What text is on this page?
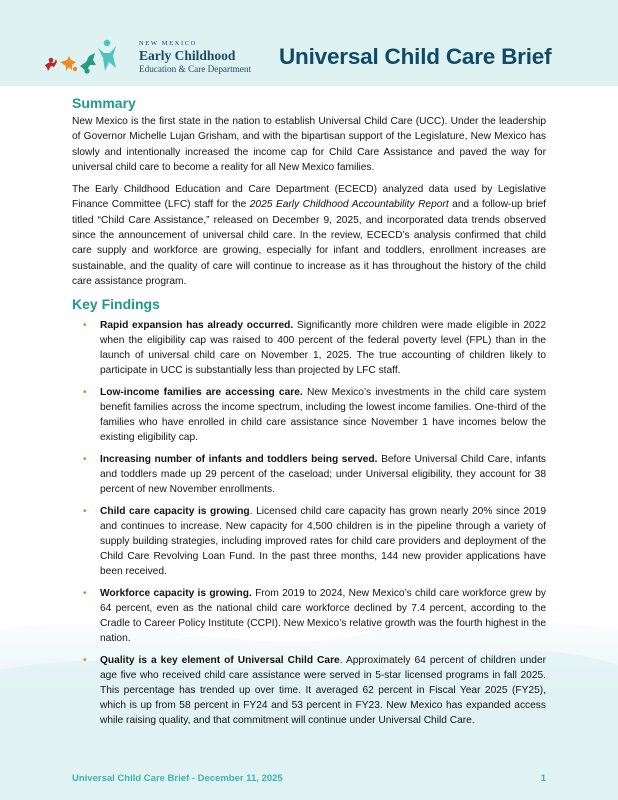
NEW MEXICO
Early Childhood
Education & Care Department Universal Child Care Brief
Summary

New Mexico is the first state in the nation to establish Universal Child Care (UCC). Under the leadership of Governor Michelle Lujan Grisham, and with the bipartisan support of the Legislature, New Mexico has slowly and intentionally increased the income cap for Child Care Assistance and paved the way for universal child care to become a reality for all New Mexico families.

The Early Childhood Education and Care Department (ECECD) analyzed data used by Legislative Finance Committee (LFC) staff for the 2025 Early Childhood Accountability Report and a follow-up brief titled “Child Care Assistance,” released on December 9, 2025, and incorporated data trends observed since the announcement of universal child care. In the review, ECECD’s analysis confirmed that child care supply and workforce are growing, especially for infant and toddlers, enrollment increases are sustainable, and the quality of care will continue to increase as it has throughout the history of the child care assistance program.

Key Findings
• Rapid expansion has already occurred. Significantly more children were made eligible in 2022 when the eligibility cap was raised to 400 percent of the federal poverty level (FPL) than in the launch of universal child care on November 1, 2025. The true accounting of children likely to participate in UCC is substantially less than projected by LFC staff.
• Low-income families are accessing care. New Mexico’s investments in the child care system benefit families across the income spectrum, including the lowest income families. One-third of the families who have enrolled in child care assistance since November 1 have incomes below the existing eligibility cap.
• Increasing number of infants and toddlers being served. Before Universal Child Care, infants and toddlers made up 29 percent of the caseload; under Universal eligibility, they account for 38 percent of new November enrollments.
• Child care capacity is growing. Licensed child care capacity has grown nearly 20% since 2019 and continues to increase. New capacity for 4,500 children is in the pipeline through a variety of supply building strategies, including improved rates for child care providers and deployment of the Child Care Revolving Loan Fund. In the past three months, 144 new provider applications have been received.
• Workforce capacity is growing. From 2019 to 2024, New Mexico’s child care workforce grew by 64 percent, even as the national child care workforce declined by 7.4 percent, according to the Cradle to Career Policy Institute (CCPI). New Mexico’s relative growth was the fourth highest in the nation.
• Quality is a key element of Universal Child Care. Approximately 64 percent of children under age five who received child care assistance were served in 5-star licensed programs in fall 2025. This percentage has trended up over time. It averaged 62 percent in Fiscal Year 2025 (FY25), which is up from 58 percent in FY24 and 53 percent in FY23. New Mexico has expanded access while raising quality, and that commitment will continue under Universal Child Care.
Universal Child Care Brief - December 11, 2025	1
